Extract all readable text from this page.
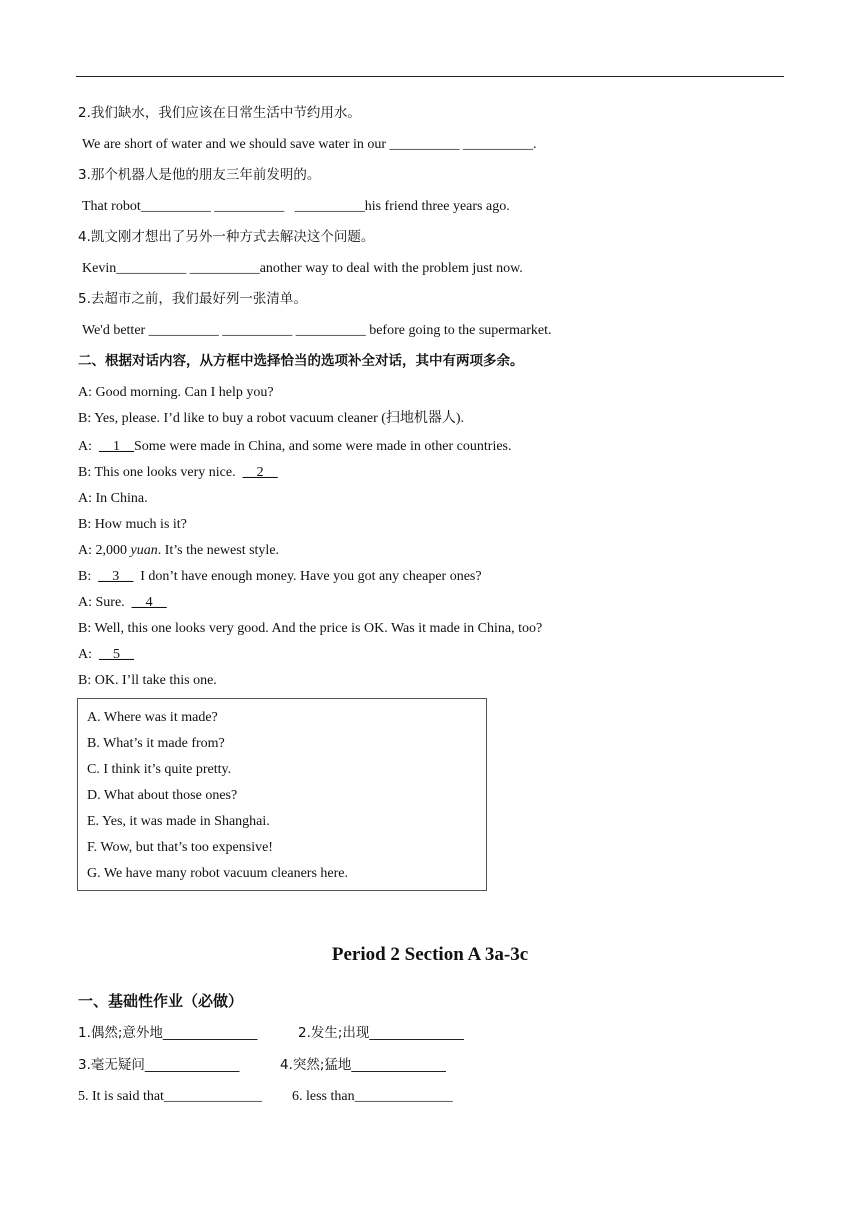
2.我们缺水，我们应该在日常生活中节约用水。
We are short of water and we should save water in our __________ __________.
3.那个机器人是他的朋友三年前发明的。
That robot__________ __________   __________his friend three years ago.
4.凯文刚才想出了另外一种方式去解决这个问题。
Kevin__________ __________another way to deal with the problem just now.
5.去超市之前，我们最好列一张清单。
We'd better __________ __________ __________ before going to the supermarket.
二、根据对话内容，从方框中选择恰当的选项补全对话，其中有两项多余。
A: Good morning. Can I help you?
B: Yes, please. I’d like to buy a robot vacuum cleaner (扫地机器人).
A:  __1__Some were made in China, and some were made in other countries.
B: This one looks very nice.  __2__
A: In China.
B: How much is it?
A: 2,000 yuan. It’s the newest style.
B:  __3__  I don’t have enough money. Have you got any cheaper ones?
A: Sure.  __4__
B: Well, this one looks very good. And the price is OK. Was it made in China, too?
A:  __5__
B: OK. I’ll take this one.
A. Where was it made?
B. What’s it made from?
C. I think it’s quite pretty.
D. What about those ones?
E. Yes, it was made in Shanghai.
F. Wow, but that’s too expensive!
G. We have many robot vacuum cleaners here.
Period 2 Section A 3a-3c
一、基础性作业（必做）
1.偶然;意外地______________	2.发生;出现______________
3.毫无疑问______________	4.突然;猛地______________
5. It is said that______________ 6. less than______________
